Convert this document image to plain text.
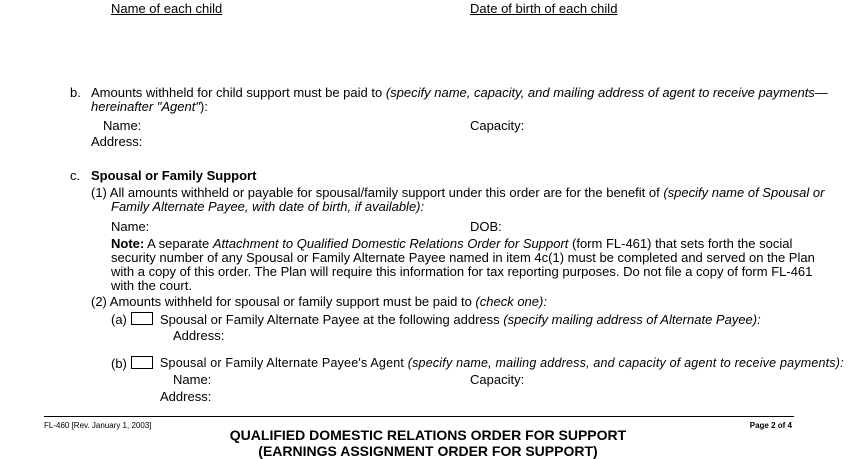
Name of each child	Date of birth of each child
b. Amounts withheld for child support must be paid to (specify name, capacity, and mailing address of agent to receive payments—
hereinafter "Agent"):
Name:	Capacity:
Address:
c. Spousal or Family Support
(1) All amounts withheld or payable for spousal/family support under this order are for the benefit of (specify name of Spousal or
Family Alternate Payee, with date of birth, if available):
Name:	DOB:
Note: A separate Attachment to Qualified Domestic Relations Order for Support (form FL-461) that sets forth the social
security number of any Spousal or Family Alternate Payee named in item 4c(1) must be completed and served on the Plan
with a copy of this order. The Plan will require this information for tax reporting purposes. Do not file a copy of form FL-461
with the court.
(2) Amounts withheld for spousal or family support must be paid to (check one):
(a)	Spousal or Family Alternate Payee at the following address (specify mailing address of Alternate Payee):
Address:
(b)	Spousal or Family Alternate Payee's Agent (specify name, mailing address, and capacity of agent to receive payments):
Name:	Capacity:
Address:
FL-460 [Rev. January 1, 2003]	Page 2 of 4
QUALIFIED DOMESTIC RELATIONS ORDER FOR SUPPORT
(EARNINGS ASSIGNMENT ORDER FOR SUPPORT)
